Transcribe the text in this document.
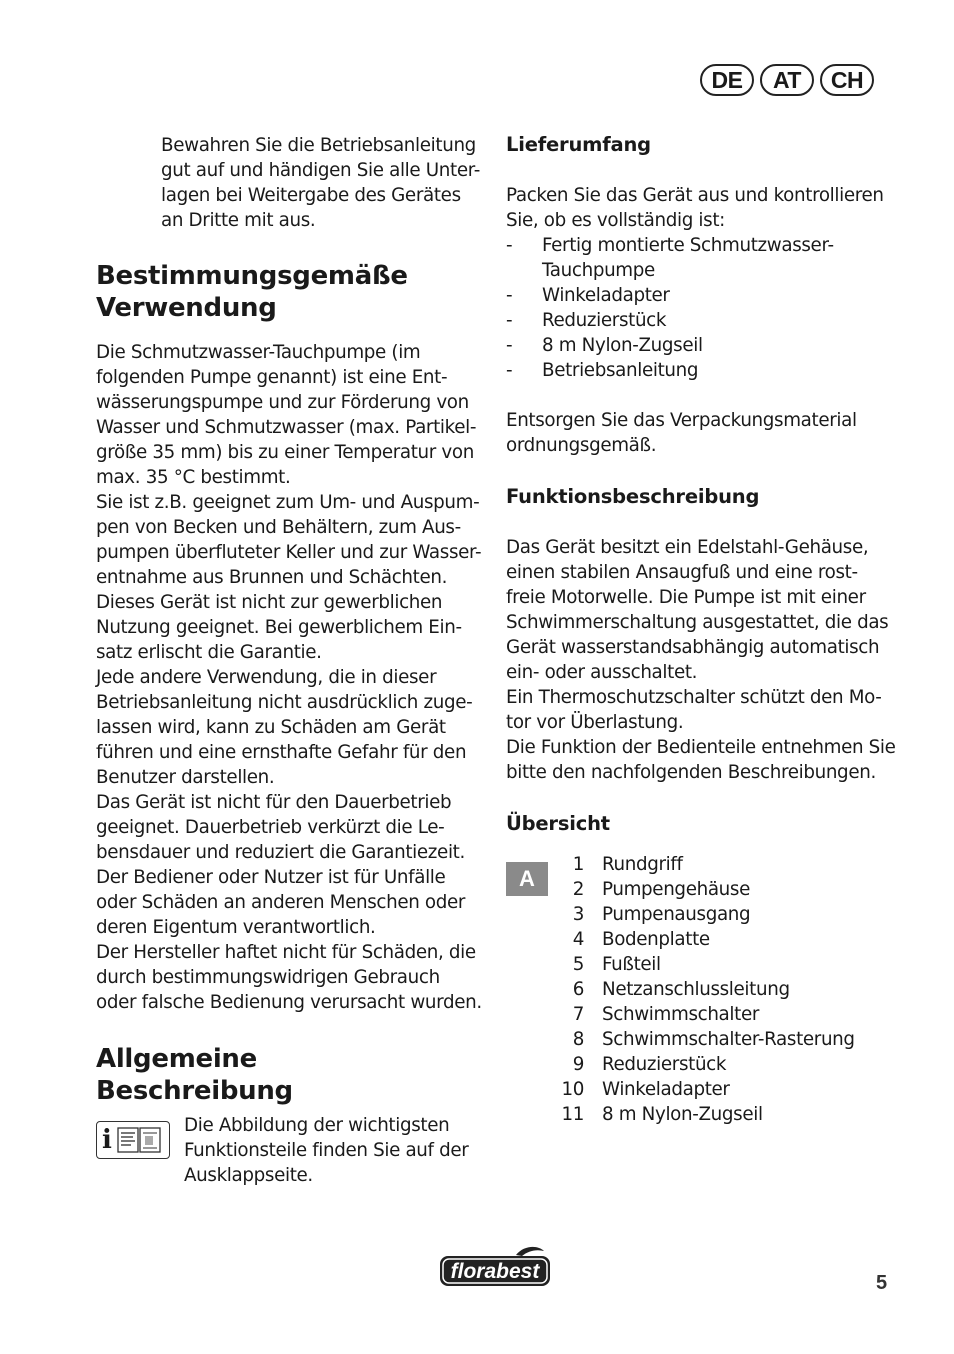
DE	AT	CH

Bewahren Sie die Betriebsanleitung
gut auf und händigen Sie alle Unter-
lagen bei Weitergabe des Gerätes
an Dritte mit aus.

Bestimmungsgemäße
Verwendung

Die Schmutzwasser-Tauchpumpe (im
folgenden Pumpe genannt) ist eine Ent-
wässerungspumpe und zur Förderung von
Wasser und Schmutzwasser (max. Partikel-
größe 35 mm) bis zu einer Temperatur von
max. 35 °C bestimmt.
Sie ist z.B. geeignet zum Um- und Auspum-
pen von Becken und Behältern, zum Aus-
pumpen überfluteter Keller und zur Wasser-
entnahme aus Brunnen und Schächten.
Dieses Gerät ist nicht zur gewerblichen
Nutzung geeignet. Bei gewerblichem Ein-
satz erlischt die Garantie.
Jede andere Verwendung, die in dieser
Betriebsanleitung nicht ausdrücklich zuge-
lassen wird, kann zu Schäden am Gerät
führen und eine ernsthafte Gefahr für den
Benutzer darstellen.
Das Gerät ist nicht für den Dauerbetrieb
geeignet. Dauerbetrieb verkürzt die Le-
bensdauer und reduziert die Garantiezeit.
Der Bediener oder Nutzer ist für Unfälle
oder Schäden an anderen Menschen oder
deren Eigentum verantwortlich.
Der Hersteller haftet nicht für Schäden, die
durch bestimmungswidrigen Gebrauch
oder falsche Bedienung verursacht wurden.

Allgemeine
Beschreibung
i	Die Abbildung der wichtigsten
Funktionsteile finden Sie auf der
Ausklappseite.

Lieferumfang

Packen Sie das Gerät aus und kontrollieren
Sie, ob es vollständig ist:

- Fertig montierte Schmutzwasser-
Tauchpumpe
- Winkeladapter
- Reduzierstück
- 8 m Nylon-Zugseil
- Betriebsanleitung

Entsorgen Sie das Verpackungsmaterial
ordnungsgemäß.

Funktionsbeschreibung

Das Gerät besitzt ein Edelstahl-Gehäuse,
einen stabilen Ansaugfuß und eine rost-
freie Motorwelle. Die Pumpe ist mit einer
Schwimmerschaltung ausgestattet, die das
Gerät wasserstandsabhängig automatisch
ein- oder ausschaltet.
Ein Thermoschutzschalter schützt den Mo-
tor vor Überlastung.
Die Funktion der Bedienteile entnehmen Sie
bitte den nachfolgenden Beschreibungen.

Übersicht
A
1 Rundgriff
2 Pumpengehäuse
3 Pumpenausgang
4 Bodenplatte
5 Fußteil
6 Netzanschlussleitung
7 Schwimmschalter
8 Schwimmschalter-Rasterung
9 Reduzierstück
10 Winkeladapter
11 8 m Nylon-Zugseil
florabest	5
